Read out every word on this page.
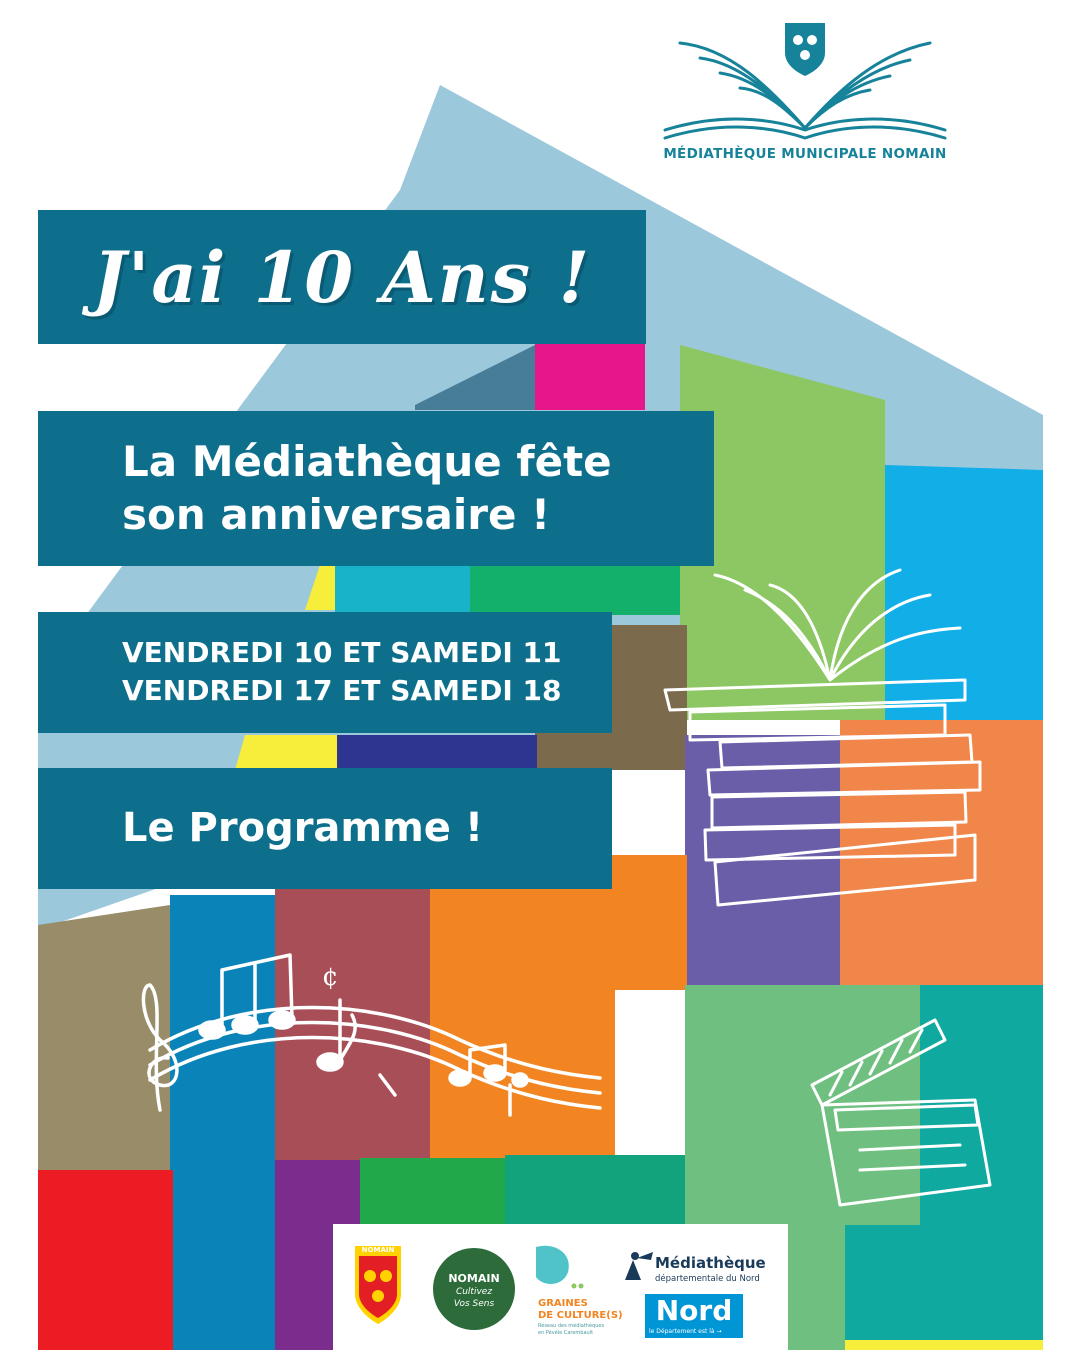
¢
MÉDIATHÈQUE MUNICIPALE NOMAIN
J'ai 10 Ans !
La Médiathèque fête
son anniversaire !
VENDREDI 10 ET SAMEDI 11
VENDREDI 17 ET SAMEDI 18
Le Programme !
NOMAIN
NOMAIN
Cultivez
Vos Sens	GRAINES
DE CULTURE(S)
Réseau des médiathèques
en Pévèle Carembault
Médiathèque
départementale du Nord
Nord
le Département est là →
